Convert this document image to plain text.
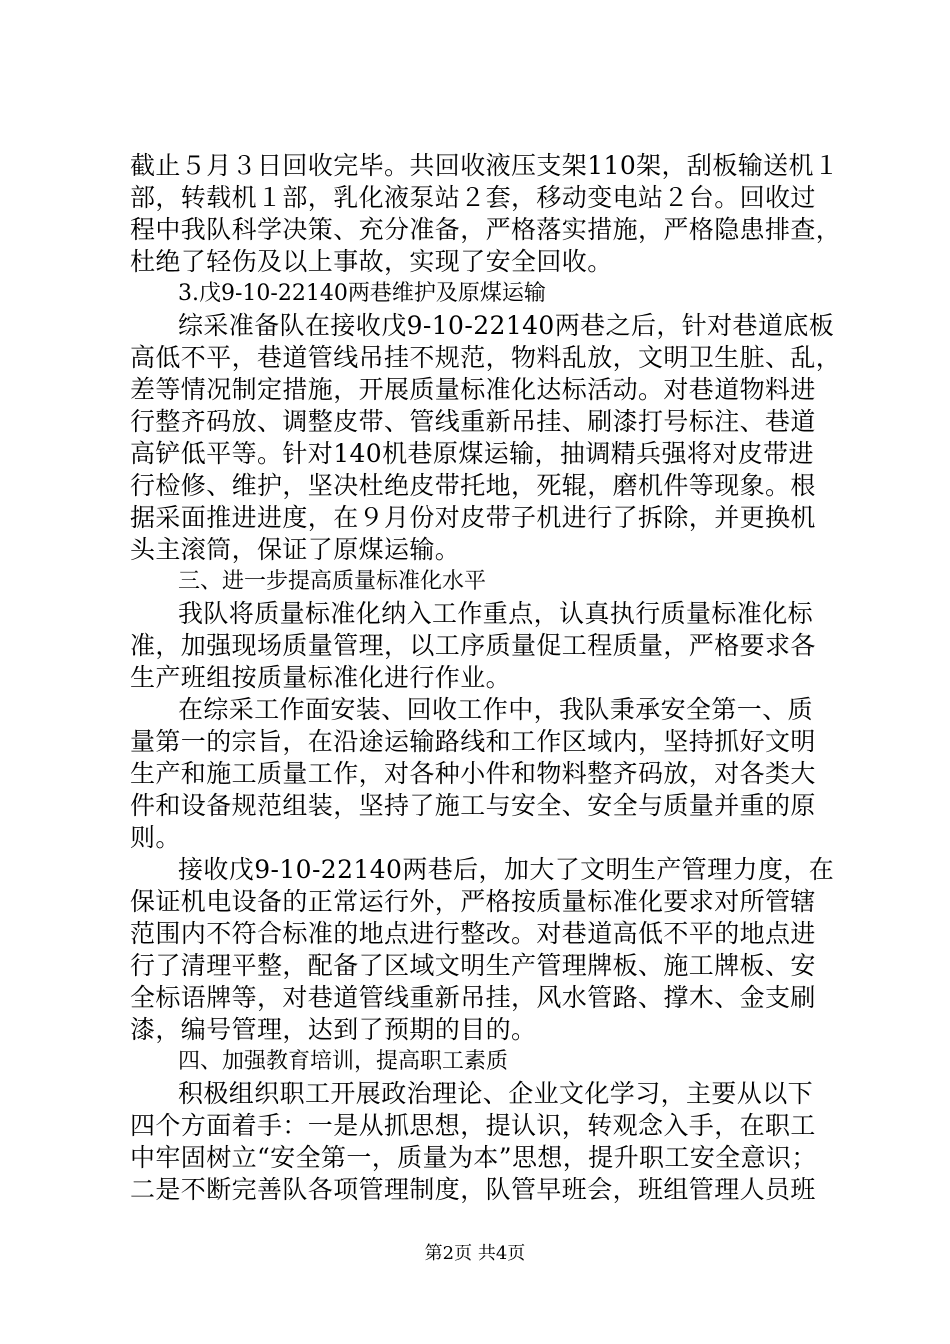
截止５月３日回收完毕。共回收液压支架110架，刮板输送机１
部，转载机１部，乳化液泵站２套，移动变电站２台。回收过
程中我队科学决策、充分准备，严格落实措施，严格隐患排查，
杜绝了轻伤及以上事故，实现了安全回收。
3.戊9-10-22140两巷维护及原煤运输
综采准备队在接收戊9-10-22140两巷之后，针对巷道底板
高低不平，巷道管线吊挂不规范，物料乱放，文明卫生脏、乱，
差等情况制定措施，开展质量标准化达标活动。对巷道物料进
行整齐码放、调整皮带、管线重新吊挂、刷漆打号标注、巷道
高铲低平等。针对140机巷原煤运输，抽调精兵强将对皮带进
行检修、维护，坚决杜绝皮带托地，死辊，磨机件等现象。根
据采面推进进度，在９月份对皮带子机进行了拆除，并更换机
头主滚筒，保证了原煤运输。
三、进一步提高质量标准化水平
我队将质量标准化纳入工作重点，认真执行质量标准化标
准，加强现场质量管理，以工序质量促工程质量，严格要求各
生产班组按质量标准化进行作业。
在综采工作面安装、回收工作中，我队秉承安全第一、质
量第一的宗旨，在沿途运输路线和工作区域内，坚持抓好文明
生产和施工质量工作，对各种小件和物料整齐码放，对各类大
件和设备规范组装，坚持了施工与安全、安全与质量并重的原
则。
接收戊9-10-22140两巷后，加大了文明生产管理力度，在
保证机电设备的正常运行外，严格按质量标准化要求对所管辖
范围内不符合标准的地点进行整改。对巷道高低不平的地点进
行了清理平整，配备了区域文明生产管理牌板、施工牌板、安
全标语牌等，对巷道管线重新吊挂，风水管路、撑木、金支刷
漆，编号管理，达到了预期的目的。
四、加强教育培训，提高职工素质
积极组织职工开展政治理论、企业文化学习，主要从以下
四个方面着手：一是从抓思想，提认识，转观念入手，在职工
中牢固树立“安全第一，质量为本”思想，提升职工安全意识；
二是不断完善队各项管理制度，队管早班会，班组管理人员班
第2页 共4页
